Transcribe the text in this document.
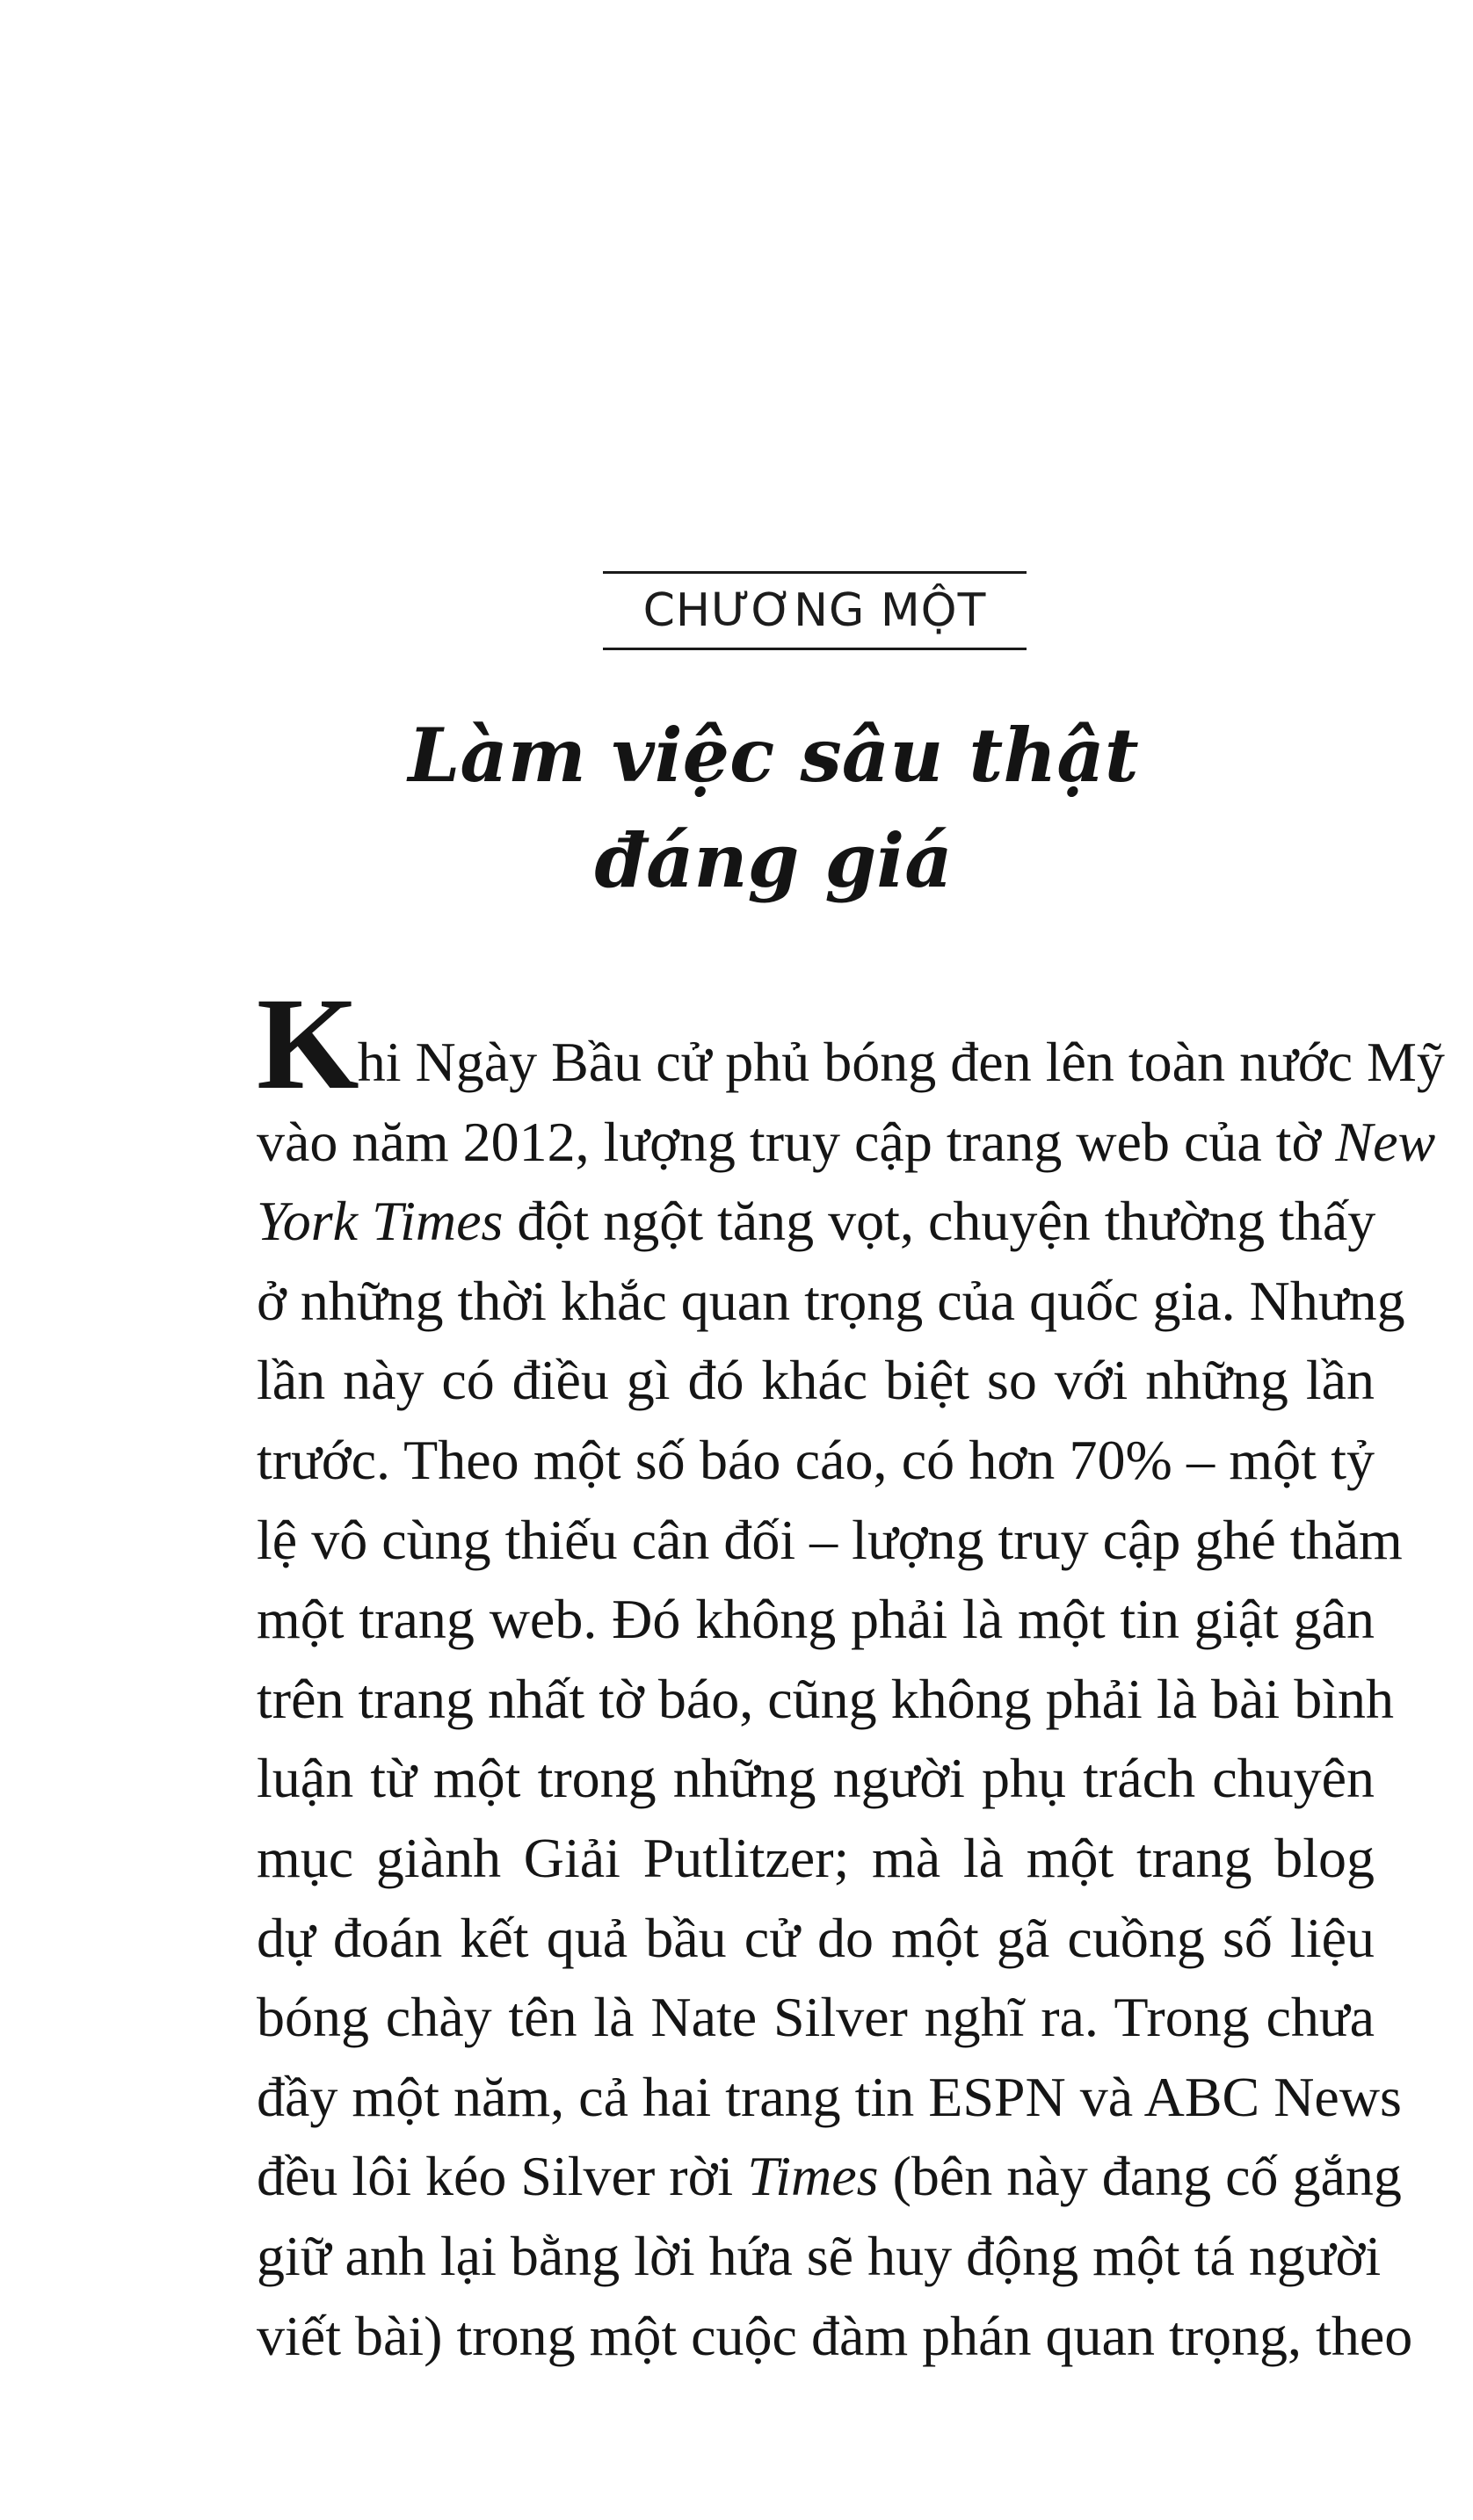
CHƯƠNG MỘT
Làm việc sâu thật đáng giá
Khi Ngày Bầu cử phủ bóng đen lên toàn nước Mỹ
vào năm 2012, lượng truy cập trang web của tờ New
York Times đột ngột tăng vọt, chuyện thường thấy
ở những thời khắc quan trọng của quốc gia. Nhưng
lần này có điều gì đó khác biệt so với những lần
trước. Theo một số báo cáo, có hơn 70% – một tỷ
lệ vô cùng thiếu cân đối – lượng truy cập ghé thăm
một trang web. Đó không phải là một tin giật gân
trên trang nhất tờ báo, cũng không phải là bài bình
luận từ một trong những người phụ trách chuyên
mục giành Giải Putlitzer; mà là một trang blog
dự đoán kết quả bầu cử do một gã cuồng số liệu
bóng chày tên là Nate Silver nghĩ ra. Trong chưa
đầy một năm, cả hai trang tin ESPN và ABC News
đều lôi kéo Silver rời Times (bên này đang cố gắng
giữ anh lại bằng lời hứa sẽ huy động một tá người
viết bài) trong một cuộc đàm phán quan trọng, theo
